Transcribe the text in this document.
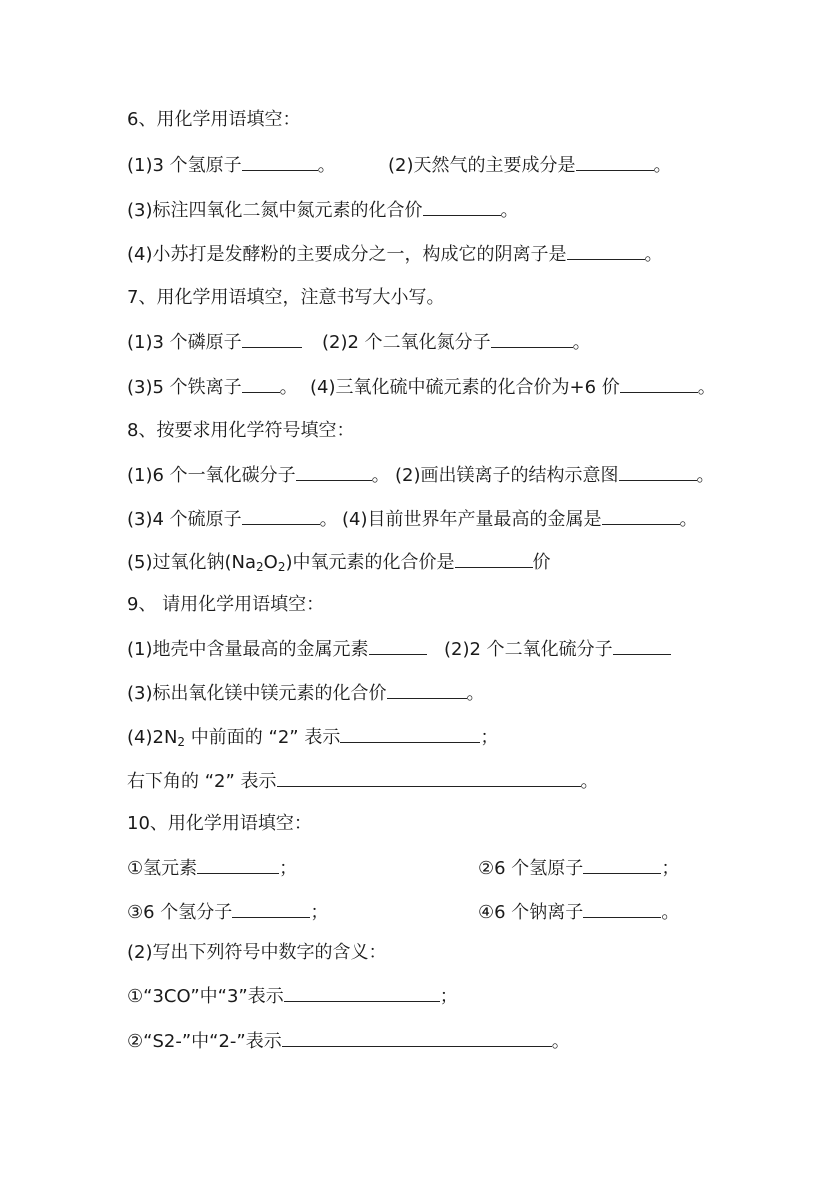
6、用化学用语填空：
(1)3 个氢原子	。	(2)天然气的主要成分是	。
(3)标注四氧化二氮中氮元素的化合价	。
(4)小苏打是发酵粉的主要成分之一，构成它的阴离子是	。
7、用化学用语填空，注意书写大小写。
(1)3 个磷原子	(2)2 个二氧化氮分子	。
(3)5 个铁离子 。 (4)三氧化硫中硫元素的化合价为+6 价	。
8、按要求用化学符号填空：
(1)6 个一氧化碳分子	。 (2)画出镁离子的结构示意图	。
(3)4 个硫原子	。 (4)目前世界年产量最高的金属是	。
(5)过氧化钠$(Na_2O_2)$中氧元素的化合价是	价
9、 请用化学用语填空：
(1)地壳中含量最高的金属元素	(2)2 个二氧化硫分子
(3)标出氧化镁中镁元素的化合价	。
$(4)2N_2$ 中前面的 “2” 表示	；
右下角的 “2” 表示	。
10、用化学用语填空：
①氢元素	；	②6 个氢原子	；
③6 个氢分子	；	④6 个钠离子	。
(2)写出下列符号中数字的含义：
①“3CO”中“3”表示	；
②“S2-”中“2-”表示	。
